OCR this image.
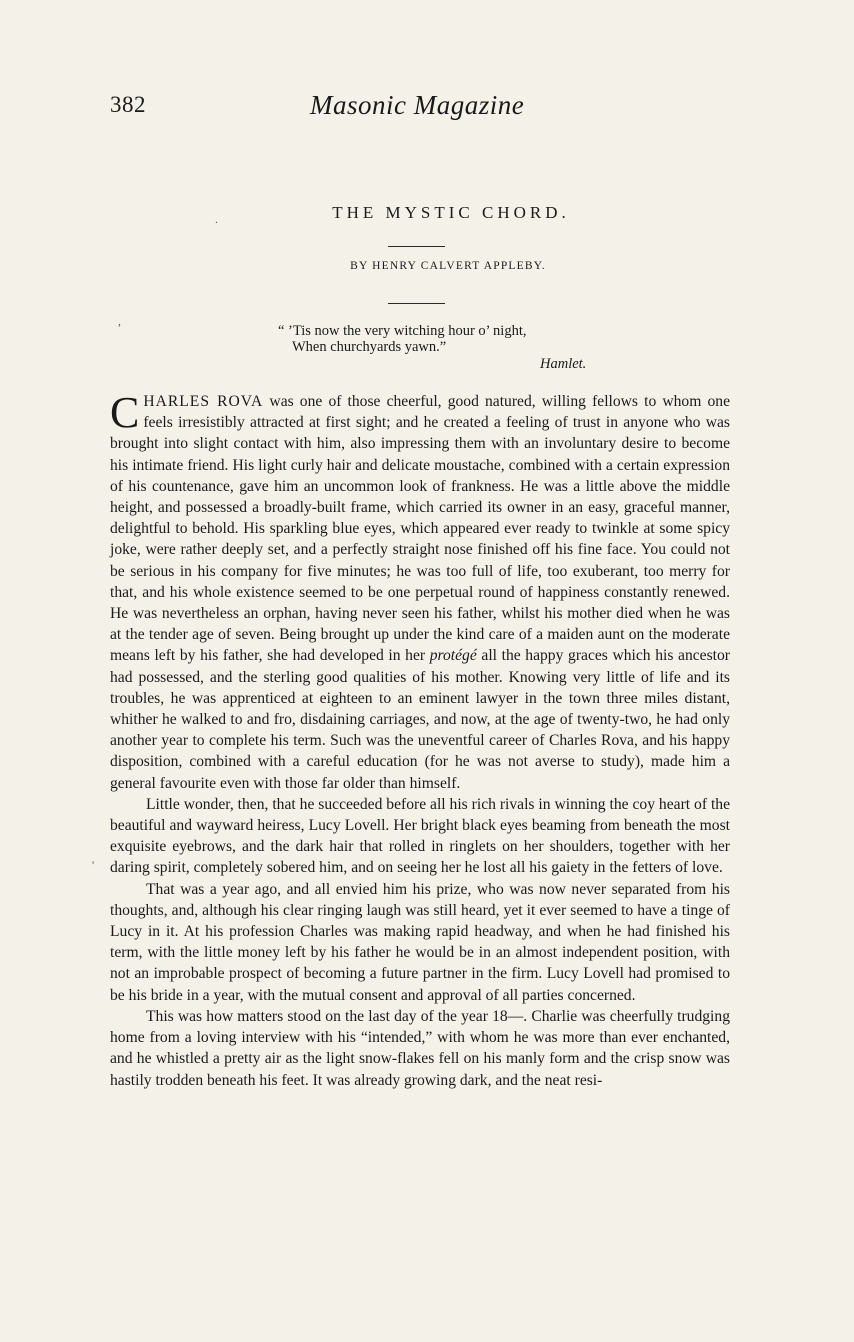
382	Masonic Magazine
.	THE MYSTIC CHORD.
BY HENRY CALVERT APPLEBY.
,
“ ’Tis now the very witching hour o’ night,
When churchyards yawn.”
Hamlet.

CHARLES ROVA was one of those cheerful, good natured, willing fellows to whom one feels irresistibly attracted at first sight; and he created a feeling of trust in anyone who was brought into slight contact with him, also impressing them with an involuntary desire to become his intimate friend. His light curly hair and delicate moustache, combined with a certain expression of his countenance, gave him an uncommon look of frankness. He was a little above the middle height, and possessed a broadly-built frame, which carried its owner in an easy, graceful manner, delightful to behold. His sparkling blue eyes, which appeared ever ready to twinkle at some spicy joke, were rather deeply set, and a perfectly straight nose finished off his fine face. You could not be serious in his company for five minutes; he was too full of life, too exuberant, too merry for that, and his whole existence seemed to be one perpetual round of happiness constantly renewed. He was nevertheless an orphan, having never seen his father, whilst his mother died when he was at the tender age of seven. Being brought up under the kind care of a maiden aunt on the moderate means left by his father, she had developed in her protégé all the happy graces which his ancestor had possessed, and the sterling good qualities of his mother. Knowing very little of life and its troubles, he was apprenticed at eighteen to an eminent lawyer in the town three miles distant, whither he walked to and fro, disdaining carriages, and now, at the age of twenty-two, he had only another year to complete his term. Such was the uneventful career of Charles Rova, and his happy disposition, combined with a careful education (for he was not averse to study), made him a general favourite even with those far older than himself.

Little wonder, then, that he succeeded before all his rich rivals in winning the coy heart of the beautiful and wayward heiress, Lucy Lovell. Her bright black eyes beaming from beneath the most exquisite eyebrows, and the dark hair that rolled in ringlets on her shoulders, together with her daring spirit, completely sobered him, and on seeing her he lost all his gaiety in the fetters of love.

That was a year ago, and all envied him his prize, who was now never separated from his thoughts, and, although his clear ringing laugh was still heard, yet it ever seemed to have a tinge of Lucy in it. At his profession Charles was making rapid headway, and when he had finished his term, with the little money left by his father he would be in an almost independent position, with not an improbable prospect of becoming a future partner in the firm. Lucy Lovell had promised to be his bride in a year, with the mutual consent and approval of all parties concerned.

This was how matters stood on the last day of the year 18—. Charlie was cheerfully trudging home from a loving interview with his “intended,” with whom he was more than ever enchanted, and he whistled a pretty air as the light snow-flakes fell on his manly form and the crisp snow was hastily trodden beneath his feet. It was already growing dark, and the neat resi-

'
